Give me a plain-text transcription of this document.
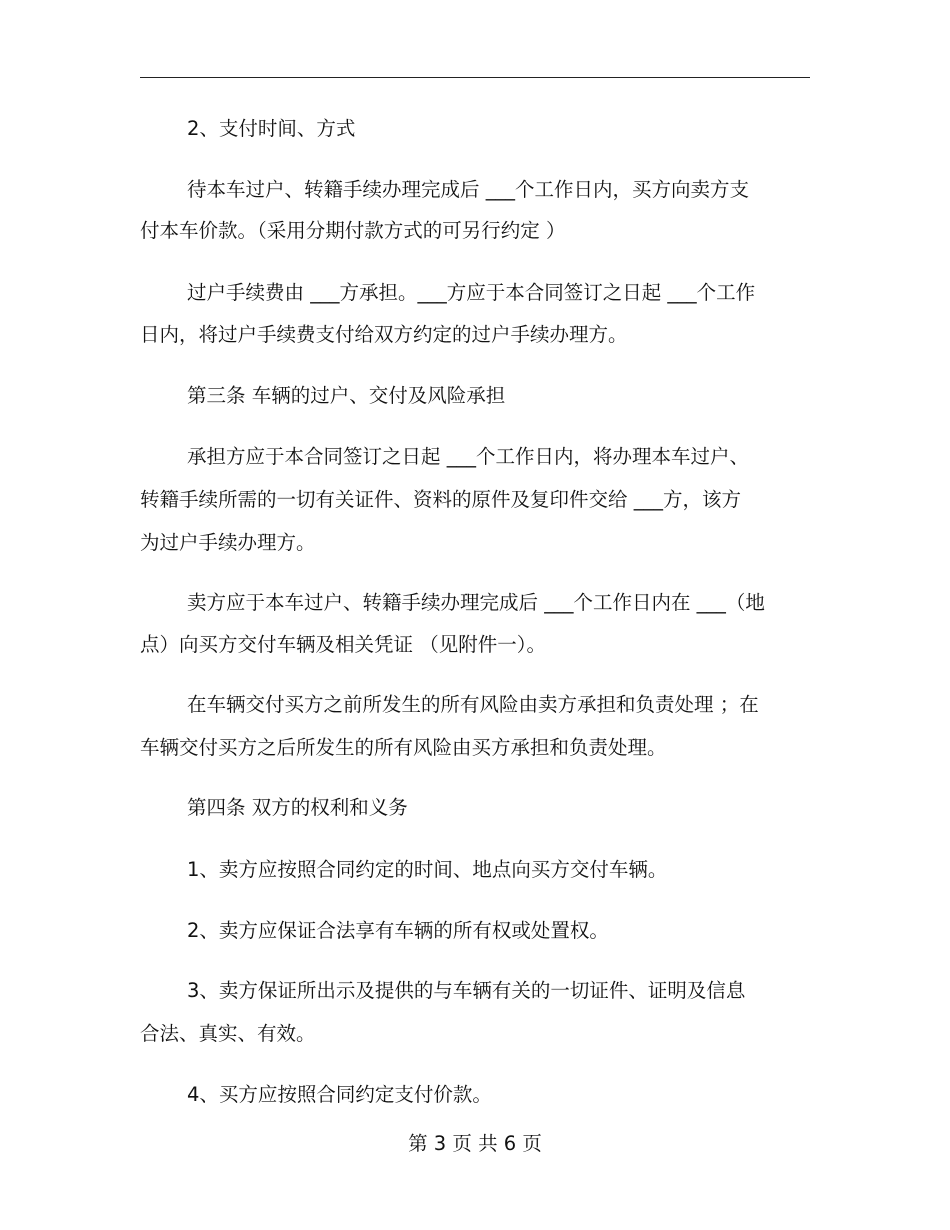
2、支付时间、方式
待本车过户、转籍手续办理完成后 ___个工作日内，买方向卖方支
付本车价款。（采用分期付款方式的可另行约定 ）
过户手续费由 ___方承担。___方应于本合同签订之日起 ___个工作
日内，将过户手续费支付给双方约定的过户手续办理方。
第三条 车辆的过户、交付及风险承担
承担方应于本合同签订之日起 ___个工作日内，将办理本车过户、
转籍手续所需的一切有关证件、资料的原件及复印件交给 ___方，该方
为过户手续办理方。
卖方应于本车过户、转籍手续办理完成后 ___个工作日内在 ___（地
点）向买方交付车辆及相关凭证 （见附件一）。
在车辆交付买方之前所发生的所有风险由卖方承担和负责处理 ；在
车辆交付买方之后所发生的所有风险由买方承担和负责处理。
第四条 双方的权利和义务
1、卖方应按照合同约定的时间、地点向买方交付车辆。
2、卖方应保证合法享有车辆的所有权或处置权。
3、卖方保证所出示及提供的与车辆有关的一切证件、证明及信息
合法、真实、有效。
4、买方应按照合同约定支付价款。
第 3 页 共 6 页
